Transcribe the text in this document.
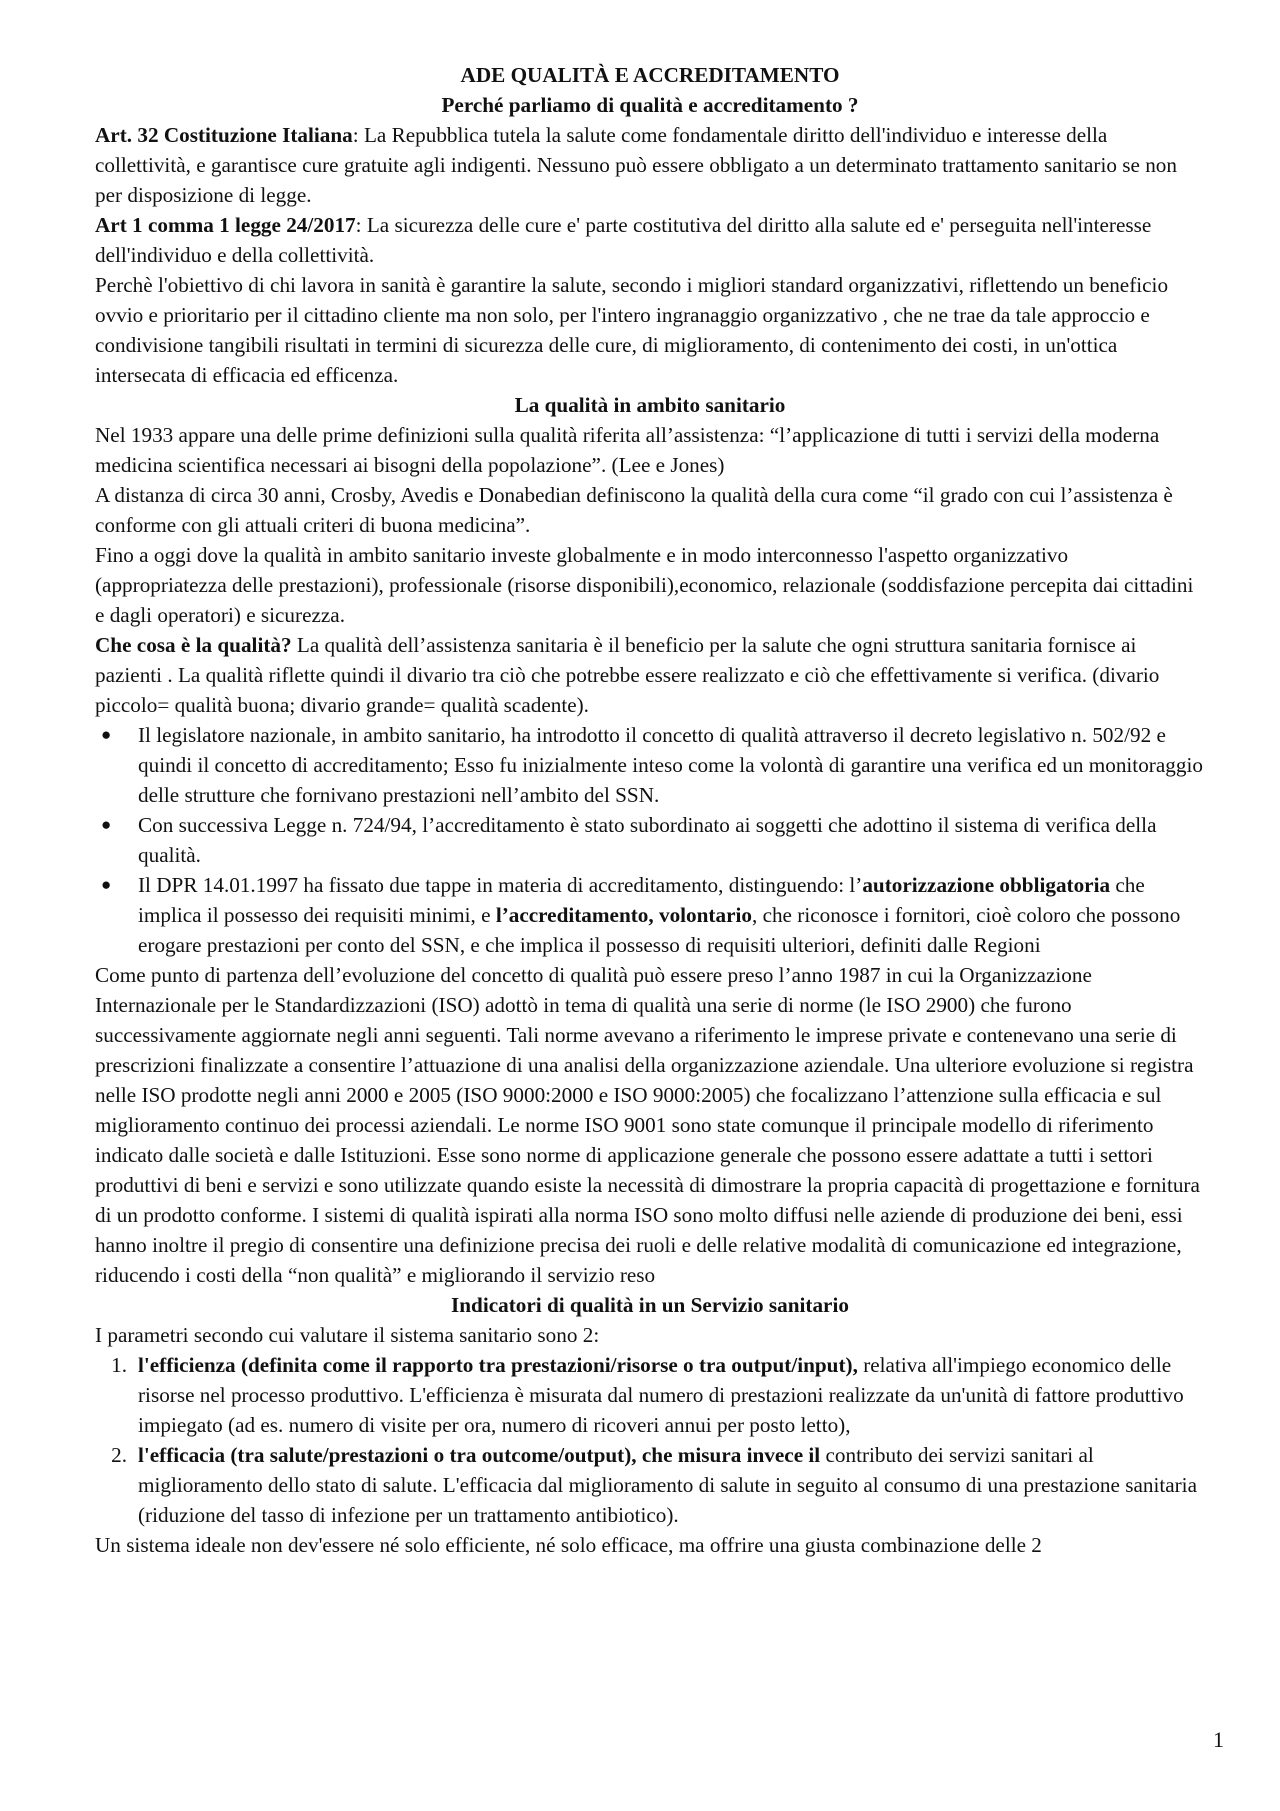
ADE QUALITÀ E ACCREDITAMENTO

Perché parliamo di qualità e accreditamento ?

Art. 32 Costituzione Italiana: La Repubblica tutela la salute come fondamentale diritto dell'individuo e interesse della collettività, e garantisce cure gratuite agli indigenti. Nessuno può essere obbligato a un determinato trattamento sanitario se non per disposizione di legge.

Art 1 comma 1 legge 24/2017: La sicurezza delle cure e' parte costitutiva del diritto alla salute ed e' perseguita nell'interesse dell'individuo e della collettività.

Perchè l'obiettivo di chi lavora in sanità è garantire la salute, secondo i migliori standard organizzativi, riflettendo un beneficio ovvio e prioritario per il cittadino cliente ma non solo, per l'intero ingranaggio organizzativo , che ne trae da tale approccio e condivisione tangibili risultati in termini di sicurezza delle cure, di miglioramento, di contenimento dei costi, in un'ottica intersecata di efficacia ed efficenza.

La qualità in ambito sanitario

Nel 1933 appare una delle prime definizioni sulla qualità riferita all’assistenza: “l’applicazione di tutti i servizi della moderna medicina scientifica necessari ai bisogni della popolazione”. (Lee e Jones)

A distanza di circa 30 anni, Crosby, Avedis e Donabedian definiscono la qualità della cura come “il grado con cui l’assistenza è conforme con gli attuali criteri di buona medicina”.

Fino a oggi dove la qualità in ambito sanitario investe globalmente e in modo interconnesso l'aspetto organizzativo (appropriatezza delle prestazioni), professionale (risorse disponibili),economico, relazionale (soddisfazione percepita dai cittadini e dagli operatori) e sicurezza.

Che cosa è la qualità? La qualità dell’assistenza sanitaria è il beneficio per la salute che ogni struttura sanitaria fornisce ai pazienti . La qualità riflette quindi il divario tra ciò che potrebbe essere realizzato e ciò che effettivamente si verifica. (divario piccolo= qualità buona; divario grande= qualità scadente).

● Il legislatore nazionale, in ambito sanitario, ha introdotto il concetto di qualità attraverso il decreto legislativo n. 502/92 e quindi il concetto di accreditamento; Esso fu inizialmente inteso come la volontà di garantire una verifica ed un monitoraggio delle strutture che fornivano prestazioni nell’ambito del SSN.
● Con successiva Legge n. 724/94, l’accreditamento è stato subordinato ai soggetti che adottino il sistema di verifica della qualità.
● Il DPR 14.01.1997 ha fissato due tappe in materia di accreditamento, distinguendo: l’autorizzazione obbligatoria che implica il possesso dei requisiti minimi, e l’accreditamento, volontario, che riconosce i fornitori, cioè coloro che possono erogare prestazioni per conto del SSN, e che implica il possesso di requisiti ulteriori, definiti dalle Regioni

Come punto di partenza dell’evoluzione del concetto di qualità può essere preso l’anno 1987 in cui la Organizzazione Internazionale per le Standardizzazioni (ISO) adottò in tema di qualità una serie di norme (le ISO 2900) che furono successivamente aggiornate negli anni seguenti. Tali norme avevano a riferimento le imprese private e contenevano una serie di prescrizioni finalizzate a consentire l’attuazione di una analisi della organizzazione aziendale. Una ulteriore evoluzione si registra nelle ISO prodotte negli anni 2000 e 2005 (ISO 9000:2000 e ISO 9000:2005) che focalizzano l’attenzione sulla efficacia e sul miglioramento continuo dei processi aziendali. Le norme ISO 9001 sono state comunque il principale modello di riferimento indicato dalle società e dalle Istituzioni. Esse sono norme di applicazione generale che possono essere adattate a tutti i settori produttivi di beni e servizi e sono utilizzate quando esiste la necessità di dimostrare la propria capacità di progettazione e fornitura di un prodotto conforme. I sistemi di qualità ispirati alla norma ISO sono molto diffusi nelle aziende di produzione dei beni, essi hanno inoltre il pregio di consentire una definizione precisa dei ruoli e delle relative modalità di comunicazione ed integrazione, riducendo i costi della “non qualità” e migliorando il servizio reso

Indicatori di qualità in un Servizio sanitario

I parametri secondo cui valutare il sistema sanitario sono 2:

1. l'efficienza (definita come il rapporto tra prestazioni/risorse o tra output/input), relativa all'impiego economico delle risorse nel processo produttivo. L'efficienza è misurata dal numero di prestazioni realizzate da un'unità di fattore produttivo impiegato (ad es. numero di visite per ora, numero di ricoveri annui per posto letto),
2. l'efficacia (tra salute/prestazioni o tra outcome/output), che misura invece il contributo dei servizi sanitari al miglioramento dello stato di salute. L'efficacia dal miglioramento di salute in seguito al consumo di una prestazione sanitaria (riduzione del tasso di infezione per un trattamento antibiotico).

Un sistema ideale non dev'essere né solo efficiente, né solo efficace, ma offrire una giusta combinazione delle 2

1
